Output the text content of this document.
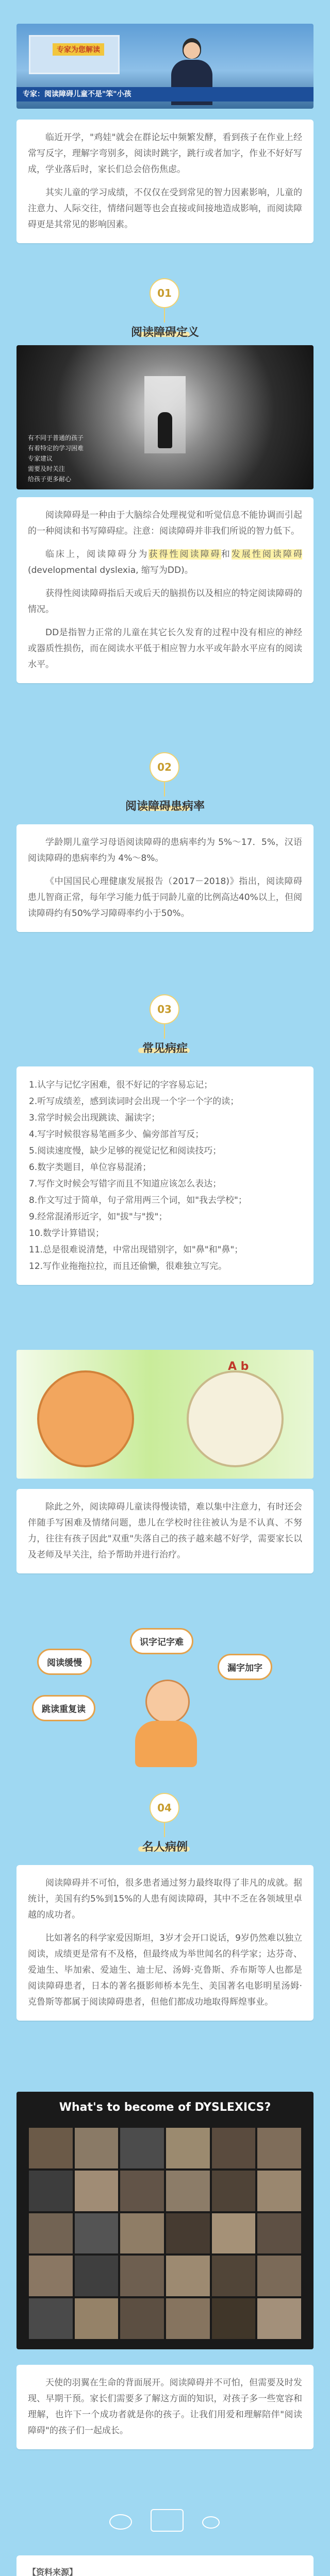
专家为您解读
专家：阅读障碍儿童不是"笨"小孩

临近开学，"鸡娃"就会在群论坛中频繁发酵，看到孩子在作业上经常写反字，理解字弯别多，阅读时跳字，跳行或者加字，作业不好好写成，学业落后时，家长们总会倍伤焦虑。

其实儿童的学习成绩，不仅仅在受到常见的智力因素影响，儿童的注意力、人际交往，情绪问题等也会直接或间接地造成影响，而阅读障碍更是其常见的影响因素。

01
阅读障碍定义
有不同于普通的孩子
有着特定的学习困难
专家建议
需要及时关注
给孩子更多耐心

阅读障碍是一种由于大脑综合处理视觉和听觉信息不能协调而引起的一种阅读和书写障碍症。注意：阅读障碍并非我们所说的智力低下。

临床上，阅读障碍分为获得性阅读障碍和发展性阅读障碍(developmental dyslexia, 缩写为DD)。

获得性阅读障碍指后天或后天的脑损伤以及相应的特定阅读障碍的情况。

DD是指智力正常的儿童在其它长久发育的过程中没有相应的神经或器质性损伤，而在阅读水平低于相应智力水平或年龄水平应有的阅读水平。

02
阅读障碍患病率

学龄期儿童学习母语阅读障碍的患病率约为 5%～17．5%，汉语阅读障碍的患病率约为 4%～8%。

《中国国民心理健康发展报告（2017－2018)》指出，阅读障碍患儿智商正常，每年学习能力低于同龄儿童的比例高达40%以上，但阅读障碍约有50%学习障碍率约小于50%。

03
常见病症

1.认字与记忆字困难，很不好记的字容易忘记；

2.听写成绩差，感到读词时会出现一个字一个字的读；

3.常学时候会出现跳读、漏读字；

4.写字时候很容易笔画多少、偏旁部首写反；

5.阅读速度慢，缺少足够的视觉记忆和阅读技巧；

6.数字类题目，单位容易混淆；

7.写作文时候会写错字而且不知道应该怎么表达；

8.作文写过于简单，句子常用两三个词，如"我去学校"；

9.经常混淆形近字，如"拔"与"拨"；

10.数学计算错误；

11.总是很难说清楚，中常出现错别字，如"鼻"和"鼻"；

12.写作业拖拖拉拉，而且还偷懒，很难独立写完。

A b

除此之外，阅读障碍儿童读得慢读错，难以集中注意力，有时还会伴随手写困难及情绪问题，患儿在学校时往往被认为是不认真、不努力，往往有孩子因此"双重"失落自己的孩子越来越不好学，需要家长以及老师及早关注，给予帮助并进行治疗。

阅读缓慢
识字记字难
漏字加字
跳读重复读
04
名人病例

阅读障碍并不可怕，很多患者通过努力最终取得了非凡的成就。据统计，美国有约5%到15%的人患有阅读障碍，其中不乏在各领域里卓越的成功者。

比如著名的科学家爱因斯坦，3岁才会开口说话，9岁仍然难以独立阅读，成绩更是常有不及格，但最终成为举世闻名的科学家；达芬奇、爱迪生、毕加索、爱迪生、迪士尼、汤姆·克鲁斯、乔布斯等人也都是阅读障碍患者，日本的著名摄影师桥本先生、美国著名电影明星汤姆·克鲁斯等都属于阅读障碍患者，但他们都成功地取得辉煌事业。

What's to become of DYSLEXICS?

天使的羽翼在生命的背面展开。阅读障碍并不可怕，但需要及时发现、早期干预。家长们需要多了解这方面的知识，对孩子多一些宽容和理解，也许下一个成功者就是你的孩子。让我们用爱和理解陪伴"阅读障碍"的孩子们一起成长。

【资料来源】
